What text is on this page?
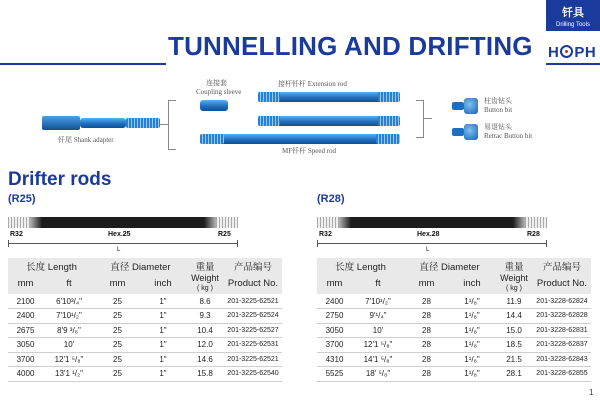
钎具
Drilling Tools
TUNNELLING AND DRIFTING H PH
钎尾 Shank adapter
连接套
Coupling sleeve
接杆钎杆 Extension rod
MF钎杆 Speed rod
柱齿钻头
Button bit
易退钻头
Retrac Button bit
Drifter rods
(R25)
R32	Hex.25	R25
L
长度 Length		直径 Diameter		重量	产品编号
mm	ft	mm	inch	Weight
( kg )	Product No.
2100	6'10³/₄"	25	1"	8.6	201-3225-62521
2400	7'10¹/₂"	25	1"	9.3	201-3225-62524
2675	8'9 ³/₈"	25	1"	10.4	201-3225-62527
3050	10'	25	1"	12.0	201-3225-62531
3700	12'1 ⁵/₈"	25	1"	14.6	201-3225-62521
4000	13'1 ¹/₂"	25	1"	15.8	201-3225-62540
(R28)
R32	Hex.28	R28
L
长度 Length		直径 Diameter		重量	产品编号
mm	ft	mm	inch	Weight
( kg )	Product No.
2400	7'10¹/₂"	28	1¹/₈"	11.9	201-3228-62824
2750	9'¹/₄"	28	1¹/₈"	14.4	201-3228-62828
3050	10'	28	1¹/₈"	15.0	201-3228-62831
3700	12'1 ⁵/₈"	28	1¹/₈"	18.5	201-3228-62837
4310	14'1 ⁵/₈"	28	1¹/₈"	21.5	201-3228-62843
5525	18' ⁵/₈"	28	1¹/₈"	28.1	201-3228-62855
1
